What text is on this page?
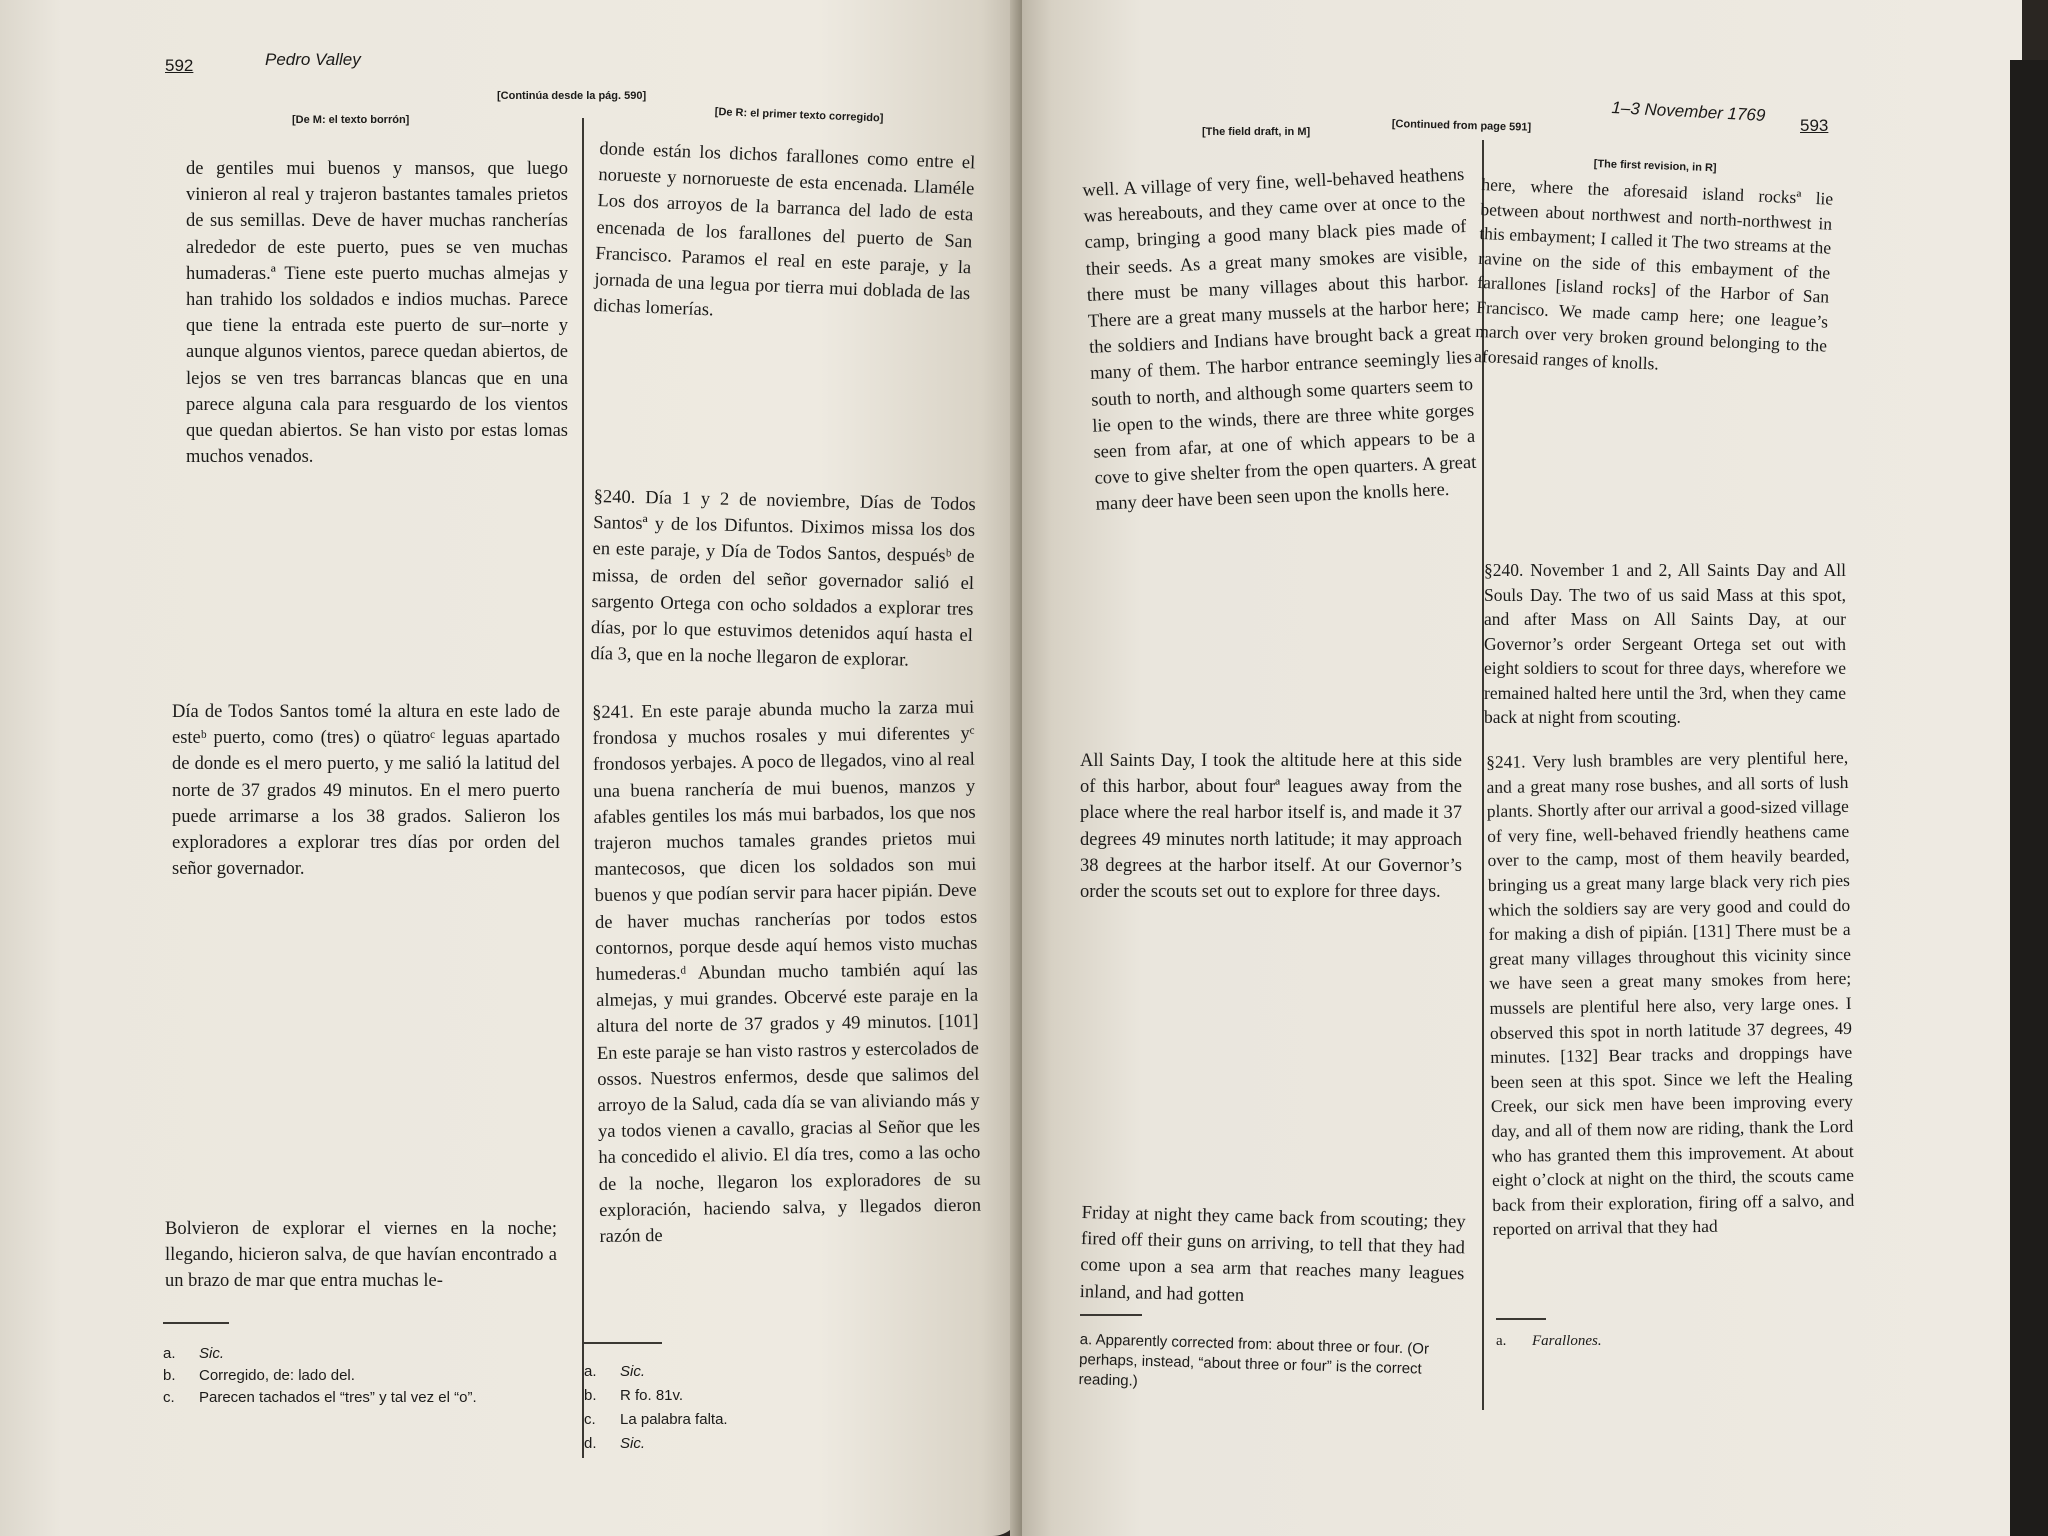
592	Pedro Valley
[Continúa desde la pág. 590]
[De M: el texto borrón]	[De R: el primer texto corregido]

de gentiles mui buenos y mansos, que luego vinieron al real y trajeron bastantes tamales prietos de sus semillas. Deve de haver muchas rancherías alrededor de este puerto, pues se ven muchas humaderas.ª Tiene este puerto muchas almejas y han trahido los soldados e indios muchas. Parece que tiene la entrada este puerto de sur–norte y aunque algunos vientos, parece quedan abiertos, de lejos se ven tres barrancas blancas que en una parece alguna cala para resguardo de los vientos que quedan abiertos. Se han visto por estas lomas muchos venados.

Día de Todos Santos tomé la altura en este lado de esteᵇ puerto, como (tres) o qüatroᶜ leguas apartado de donde es el mero puerto, y me salió la latitud del norte de 37 grados 49 minutos. En el mero puerto puede arrimarse a los 38 grados. Salieron los exploradores a explorar tres días por orden del señor governador.

Bolvieron de explorar el viernes en la noche; llegando, hicieron salva, de que havían encontrado a un brazo de mar que entra muchas le-

donde están los dichos farallones como entre el norueste y nornorueste de esta encenada. Llaméle Los dos arroyos de la barranca del lado de esta encenada de los farallones del puerto de San Francisco. Paramos el real en este paraje, y la jornada de una legua por tierra mui doblada de las dichas lomerías.

§240. Día 1 y 2 de noviembre, Días de Todos Santosª y de los Difuntos. Diximos missa los dos en este paraje, y Día de Todos Santos, despuésᵇ de missa, de orden del señor governador salió el sargento Ortega con ocho soldados a explorar tres días, por lo que estuvimos detenidos aquí hasta el día 3, que en la noche llegaron de explorar.

§241. En este paraje abunda mucho la zarza mui frondosa y muchos rosales y mui diferentes yᶜ frondosos yerbajes. A poco de llegados, vino al real una buena ranchería de mui buenos, manzos y afables gentiles los más mui barbados, los que nos trajeron muchos tamales grandes prietos mui mantecosos, que dicen los soldados son mui buenos y que podían servir para hacer pipián. Deve de haver muchas rancherías por todos estos contornos, porque desde aquí hemos visto muchas humederas.ᵈ Abundan mucho también aquí las almejas, y mui grandes. Obcervé este paraje en la altura del norte de 37 grados y 49 minutos. [101] En este paraje se han visto rastros y estercolados de ossos. Nuestros enfermos, desde que salimos del arroyo de la Salud, cada día se van aliviando más y ya todos vienen a cavallo, gracias al Señor que les ha concedido el alivio. El día tres, como a las ocho de la noche, llegaron los exploradores de su exploración, haciendo salva, y llegados dieron razón de

a. Sic.
b. Corregido, de: lado del.
c. Parecen tachados el “tres” y tal vez el “o”.
a. Sic.
b. R fo. 81v.
c. La palabra falta.
d. Sic.
1–3 November 1769
593
[Continued from page 591]
[The field draft, in M]
[The first revision, in R]

well. A village of very fine, well-behaved heathens was hereabouts, and they came over at once to the camp, bringing a good many black pies made of their seeds. As a great many smokes are visible, there must be many villages about this harbor. There are a great many mussels at the harbor here; the soldiers and Indians have brought back a great many of them. The harbor entrance seemingly lies south to north, and although some quarters seem to lie open to the winds, there are three white gorges seen from afar, at one of which appears to be a cove to give shelter from the open quarters. A great many deer have been seen upon the knolls here.

All Saints Day, I took the altitude here at this side of this harbor, about fourª leagues away from the place where the real harbor itself is, and made it 37 degrees 49 minutes north latitude; it may approach 38 degrees at the harbor itself. At our Governor’s order the scouts set out to explore for three days.

Friday at night they came back from scouting; they fired off their guns on arriving, to tell that they had come upon a sea arm that reaches many leagues inland, and had gotten

here, where the aforesaid island rocksª lie between about northwest and north-northwest in this embayment; I called it The two streams at the ravine on the side of this embayment of the farallones [island rocks] of the Harbor of San Francisco. We made camp here; one league’s march over very broken ground belonging to the aforesaid ranges of knolls.

§240. November 1 and 2, All Saints Day and All Souls Day. The two of us said Mass at this spot, and after Mass on All Saints Day, at our Governor’s order Sergeant Ortega set out with eight soldiers to scout for three days, wherefore we remained halted here until the 3rd, when they came back at night from scouting.

§241. Very lush brambles are very plentiful here, and a great many rose bushes, and all sorts of lush plants. Shortly after our arrival a good-sized village of very fine, well-behaved friendly heathens came over to the camp, most of them heavily bearded, bringing us a great many large black very rich pies which the soldiers say are very good and could do for making a dish of pipián. [131] There must be a great many villages throughout this vicinity since we have seen a great many smokes from here; mussels are plentiful here also, very large ones. I observed this spot in north latitude 37 degrees, 49 minutes. [132] Bear tracks and droppings have been seen at this spot. Since we left the Healing Creek, our sick men have been improving every day, and all of them now are riding, thank the Lord who has granted them this improvement. At about eight o’clock at night on the third, the scouts came back from their exploration, firing off a salvo, and reported on arrival that they had

a. Apparently corrected from: about three or four. (Or perhaps, instead, “about three or four” is the correct reading.)
a. Farallones.
